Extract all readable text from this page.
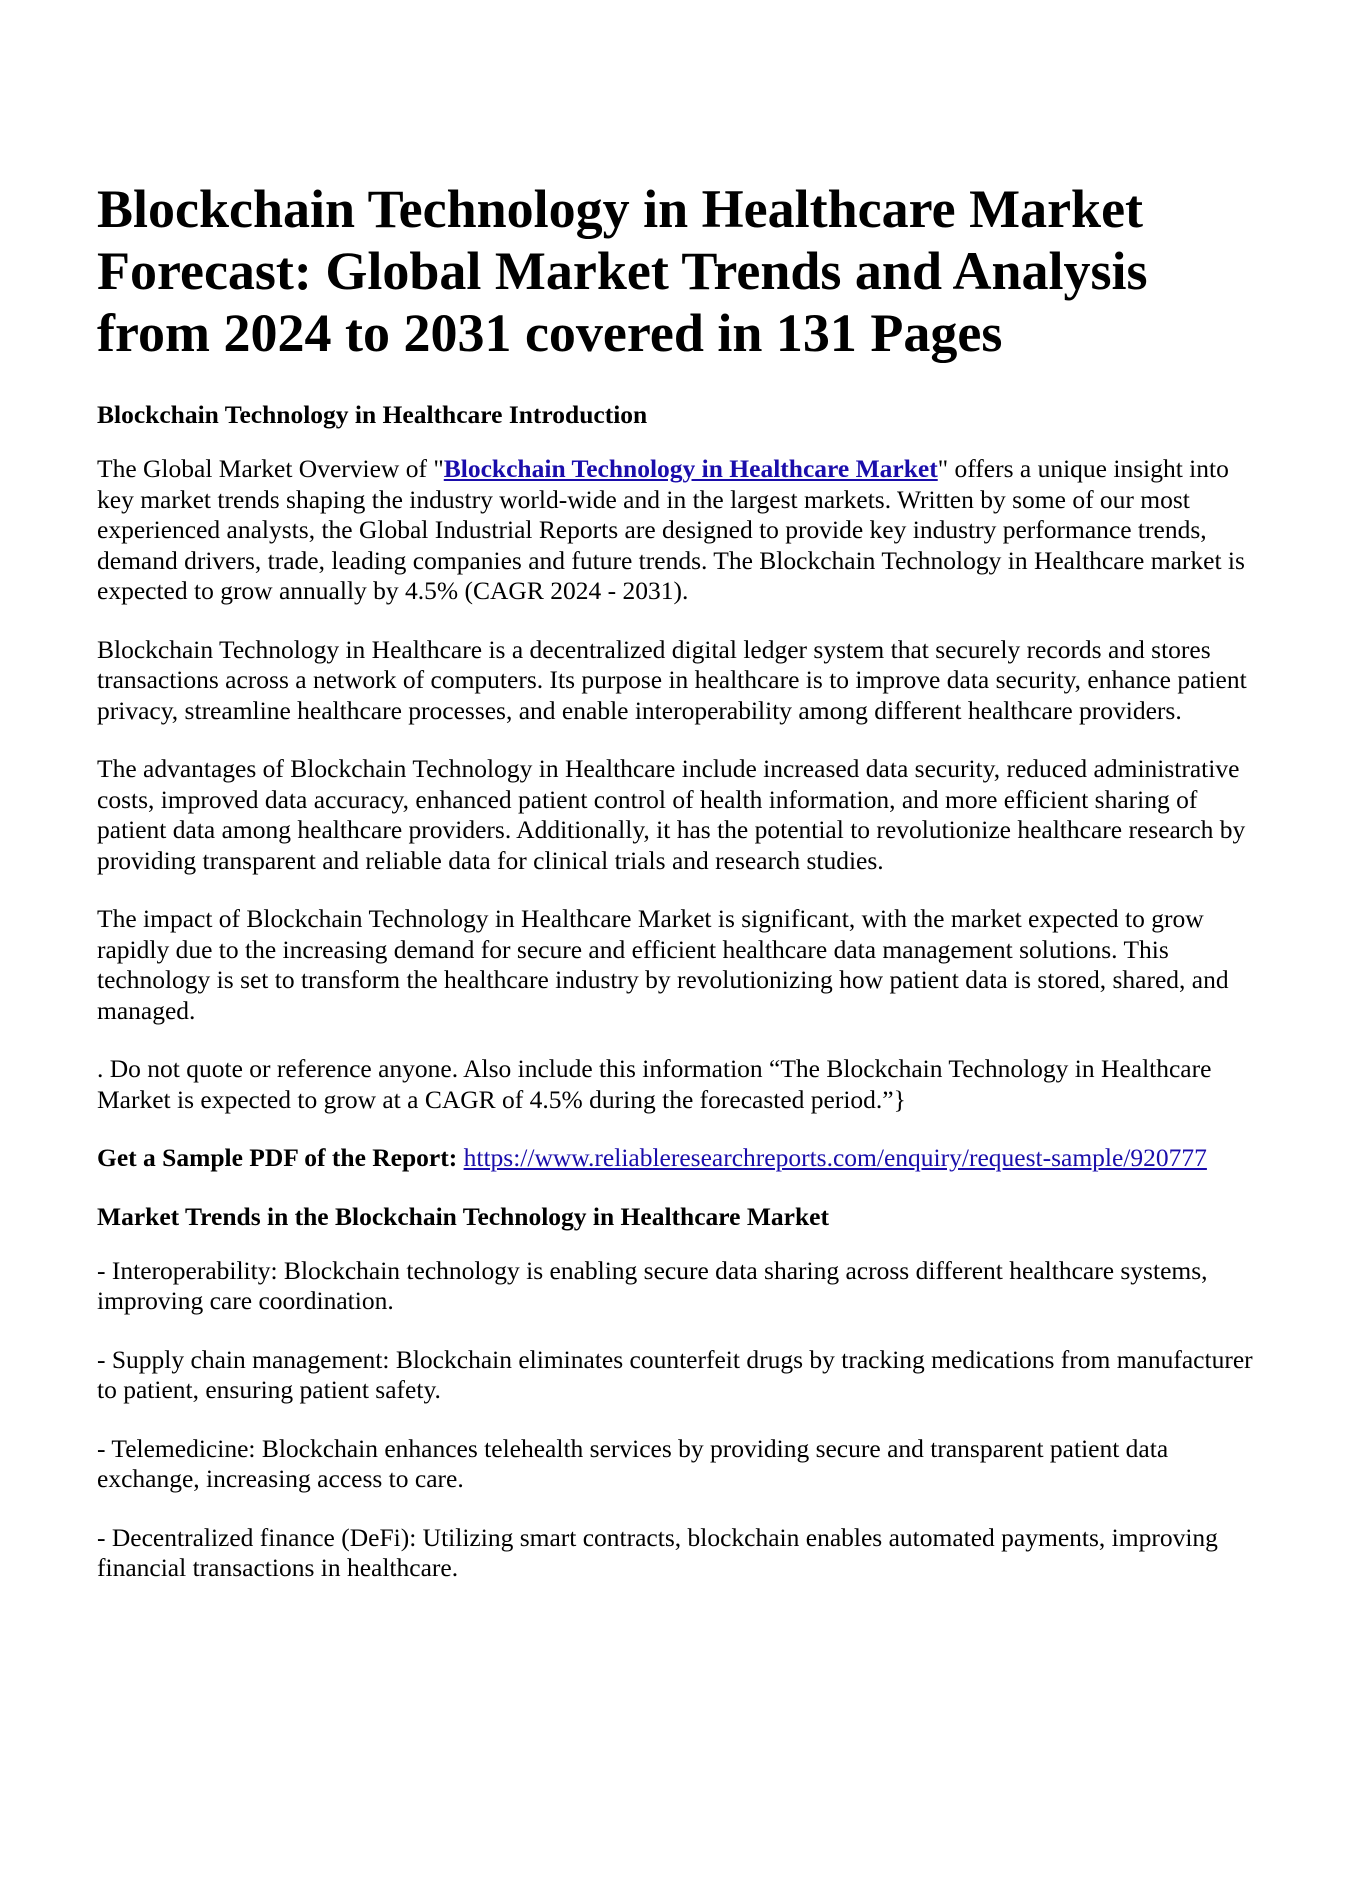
Blockchain Technology in Healthcare Market Forecast: Global Market Trends and Analysis from 2024 to 2031 covered in 131 Pages
Blockchain Technology in Healthcare Introduction

The Global Market Overview of "Blockchain Technology in Healthcare Market" offers a unique insight into key market trends shaping the industry world-wide and in the largest markets. Written by some of our most experienced analysts, the Global Industrial Reports are designed to provide key industry performance trends, demand drivers, trade, leading companies and future trends. The Blockchain Technology in Healthcare market is expected to grow annually by 4.5% (CAGR 2024 - 2031).

Blockchain Technology in Healthcare is a decentralized digital ledger system that securely records and stores transactions across a network of computers. Its purpose in healthcare is to improve data security, enhance patient privacy, streamline healthcare processes, and enable interoperability among different healthcare providers.

The advantages of Blockchain Technology in Healthcare include increased data security, reduced administrative costs, improved data accuracy, enhanced patient control of health information, and more efficient sharing of patient data among healthcare providers. Additionally, it has the potential to revolutionize healthcare research by providing transparent and reliable data for clinical trials and research studies.

The impact of Blockchain Technology in Healthcare Market is significant, with the market expected to grow rapidly due to the increasing demand for secure and efficient healthcare data management solutions. This technology is set to transform the healthcare industry by revolutionizing how patient data is stored, shared, and managed.

. Do not quote or reference anyone. Also include this information “The Blockchain Technology in Healthcare Market is expected to grow at a CAGR of 4.5% during the forecasted period.”}

Get a Sample PDF of the Report: https://www.reliableresearchreports.com/enquiry/request-sample/920777

Market Trends in the Blockchain Technology in Healthcare Market

- Interoperability: Blockchain technology is enabling secure data sharing across different healthcare systems, improving care coordination.

- Supply chain management: Blockchain eliminates counterfeit drugs by tracking medications from manufacturer to patient, ensuring patient safety.

- Telemedicine: Blockchain enhances telehealth services by providing secure and transparent patient data exchange, increasing access to care.

- Decentralized finance (DeFi): Utilizing smart contracts, blockchain enables automated payments, improving financial transactions in healthcare.
